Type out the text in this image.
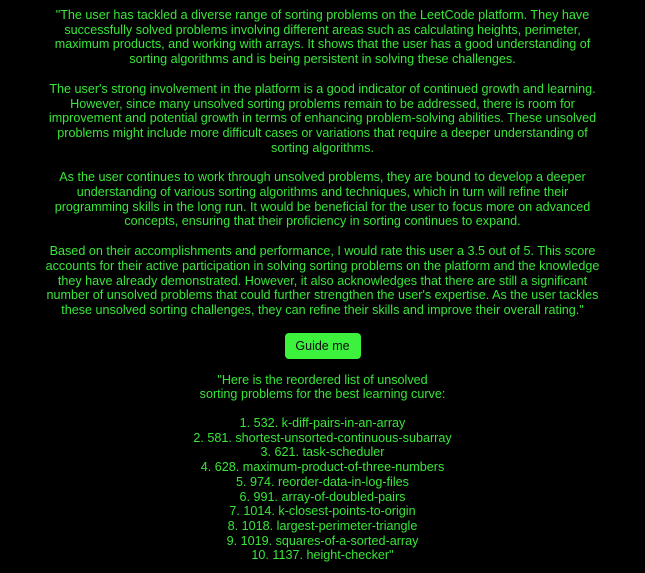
"The user has tackled a diverse range of sorting problems on the LeetCode platform. They have successfully solved problems involving different areas such as calculating heights, perimeter, maximum products, and working with arrays. It shows that the user has a good understanding of sorting algorithms and is being persistent in solving these challenges.

The user's strong involvement in the platform is a good indicator of continued growth and learning. However, since many unsolved sorting problems remain to be addressed, there is room for improvement and potential growth in terms of enhancing problem-solving abilities. These unsolved problems might include more difficult cases or variations that require a deeper understanding of sorting algorithms.

As the user continues to work through unsolved problems, they are bound to develop a deeper understanding of various sorting algorithms and techniques, which in turn will refine their programming skills in the long run. It would be beneficial for the user to focus more on advanced concepts, ensuring that their proficiency in sorting continues to expand.

Based on their accomplishments and performance, I would rate this user a 3.5 out of 5. This score accounts for their active participation in solving sorting problems on the platform and the knowledge they have already demonstrated. However, it also acknowledges that there are still a significant number of unsolved problems that could further strengthen the user's expertise. As the user tackles these unsolved sorting challenges, they can refine their skills and improve their overall rating."

Guide me
"Here is the reordered list of unsolved sorting problems for the best learning curve:
1. 532. k-diff-pairs-in-an-array
2. 581. shortest-unsorted-continuous-subarray
3. 621. task-scheduler
4. 628. maximum-product-of-three-numbers
5. 974. reorder-data-in-log-files
6. 991. array-of-doubled-pairs
7. 1014. k-closest-points-to-origin
8. 1018. largest-perimeter-triangle
9. 1019. squares-of-a-sorted-array
10. 1137. height-checker"
